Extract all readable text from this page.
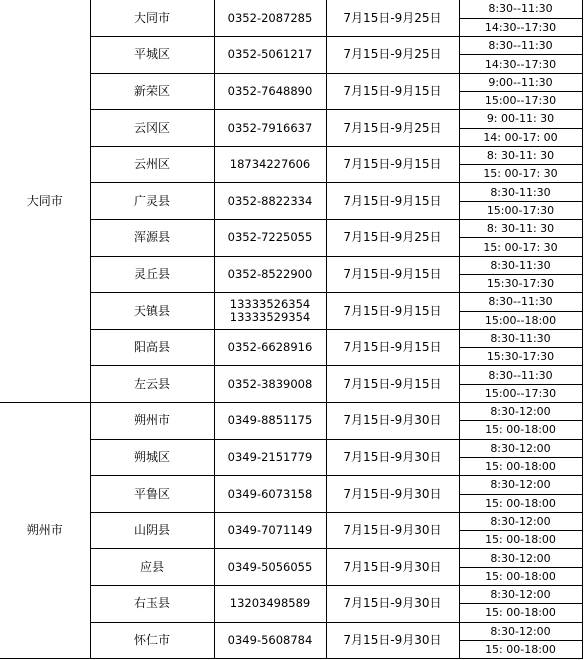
大同市	大同市	0352-2087285	7月15日-9月25日	8:30--11:30
				14:30--17:30
	平城区	0352-5061217	7月15日-9月25日	8:30--11:30
				14:30--17:30
	新荣区	0352-7648890	7月15日-9月15日	9:00--11:30
				15:00--17:30
	云冈区	0352-7916637	7月15日-9月25日	9: 00-11: 30
				14: 00-17: 00
	云州区	18734227606	7月15日-9月15日	8: 30-11: 30
				15: 00-17: 30
	广灵县	0352-8822334	7月15日-9月15日	8:30-11:30
				15:00-17:30
	浑源县	0352-7225055	7月15日-9月25日	8: 30-11: 30
				15: 00-17: 30
	灵丘县	0352-8522900	7月15日-9月15日	8:30-11:30
				15:30-17:30
	天镇县	13333526354
13333529354	7月15日-9月15日	8:30--11:30
				15:00--18:00
	阳高县	0352-6628916	7月15日-9月15日	8:30-11:30
				15:30-17:30
	左云县	0352-3839008	7月15日-9月15日	8:30--11:30
				15:00--17:30
朔州市	朔州市	0349-8851175	7月15日-9月30日	8:30-12:00
				15: 00-18:00
	朔城区	0349-2151779	7月15日-9月30日	8:30-12:00
				15: 00-18:00
	平鲁区	0349-6073158	7月15日-9月30日	8:30-12:00
				15: 00-18:00
	山阴县	0349-7071149	7月15日-9月30日	8:30-12:00
				15: 00-18:00
	应县	0349-5056055	7月15日-9月30日	8:30-12:00
				15: 00-18:00
	右玉县	13203498589	7月15日-9月30日	8:30-12:00
				15: 00-18:00
	怀仁市	0349-5608784	7月15日-9月30日	8:30-12:00
				15: 00-18:00
